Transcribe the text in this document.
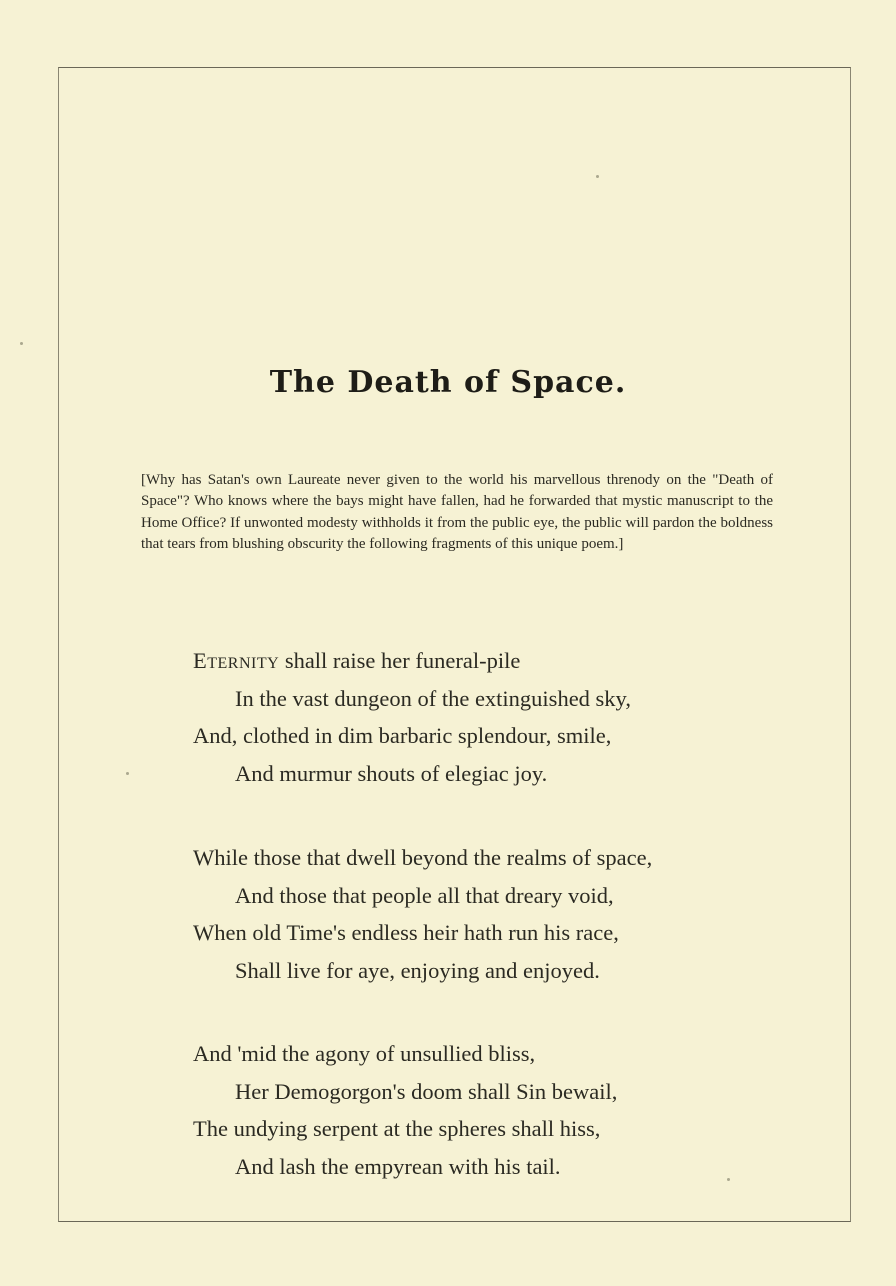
The Death of Space.
[Why has Satan's own Laureate never given to the world his marvellous threnody on the "Death of Space"? Who knows where the bays might have fallen, had he forwarded that mystic manuscript to the Home Office? If unwonted modesty withholds it from the public eye, the public will pardon the boldness that tears from blushing obscurity the following fragments of this unique poem.]
Eternity shall raise her funeral-pile
In the vast dungeon of the extinguished sky,
And, clothed in dim barbaric splendour, smile,
And murmur shouts of elegiac joy.
While those that dwell beyond the realms of space,
And those that people all that dreary void,
When old Time's endless heir hath run his race,
Shall live for aye, enjoying and enjoyed.
And 'mid the agony of unsullied bliss,
Her Demogorgon's doom shall Sin bewail,
The undying serpent at the spheres shall hiss,
And lash the empyrean with his tail.
